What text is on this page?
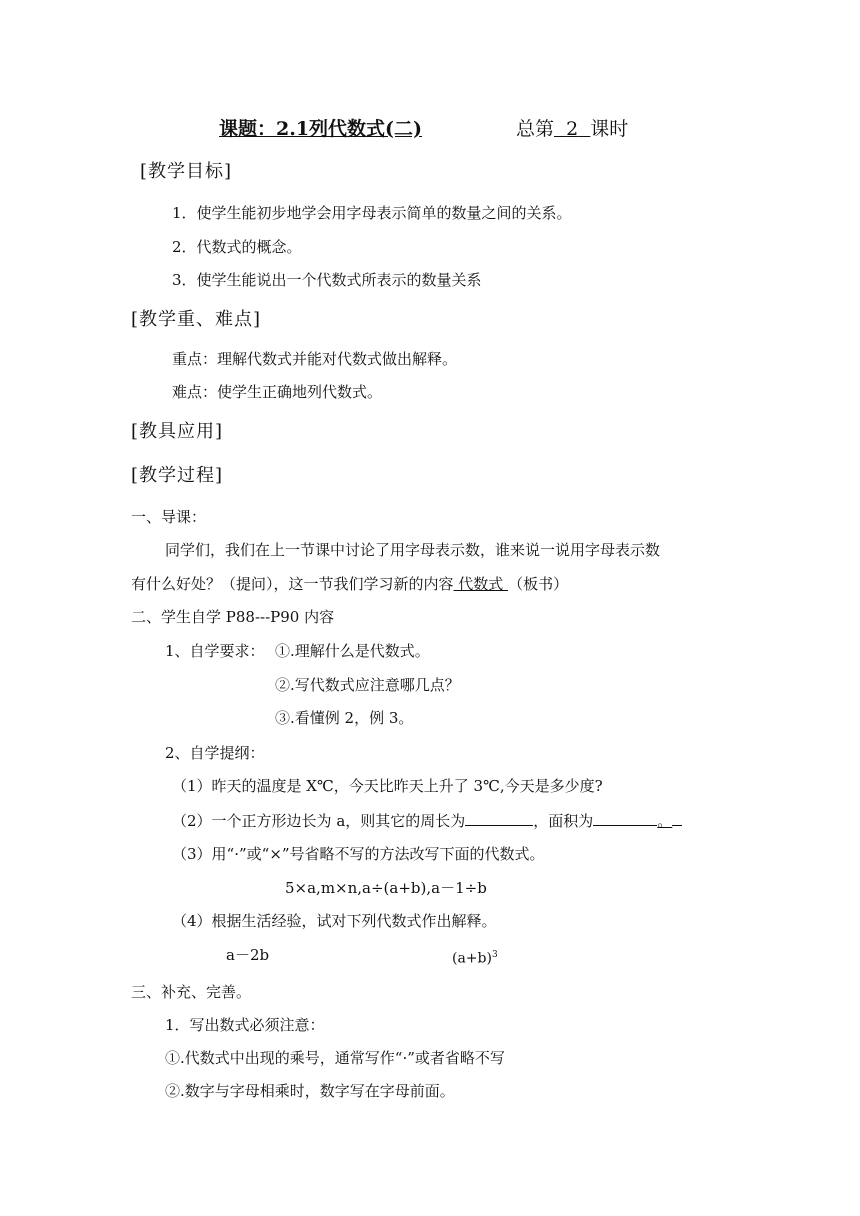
课题：2.1列代数式(二)	总第 2 课时
[教学目标]
1．使学生能初步地学会用字母表示简单的数量之间的关系。
2．代数式的概念。
3．使学生能说出一个代数式所表示的数量关系
[教学重、难点]
重点：理解代数式并能对代数式做出解释。
难点：使学生正确地列代数式。
[教具应用]
[教学过程]
一、导课：
同学们，我们在上一节课中讨论了用字母表示数，谁来说一说用字母表示数
有什么好处？（提问），这一节我们学习新的内容 代数式 （板书）
二、学生自学 P88---P90 内容
1、自学要求： ①.理解什么是代数式。
②.写代数式应注意哪几点？
③.看懂例 2，例 3。
2、自学提纲：
（1）昨天的温度是 X℃，今天比昨天上升了 3℃,今天是多少度?
（2）一个正方形边长为 a，则其它的周长为	，面积为	。
（3）用“·”或“×”号省略不写的方法改写下面的代数式。
5×a,m×n,a÷(a+b),a－1÷b
（4）根据生活经验，试对下列代数式作出解释。
a－2b	$(a+b)^3$
三、补充、完善。
1．写出数式必须注意：
①.代数式中出现的乘号，通常写作“·”或者省略不写
②.数字与字母相乘时，数字写在字母前面。
